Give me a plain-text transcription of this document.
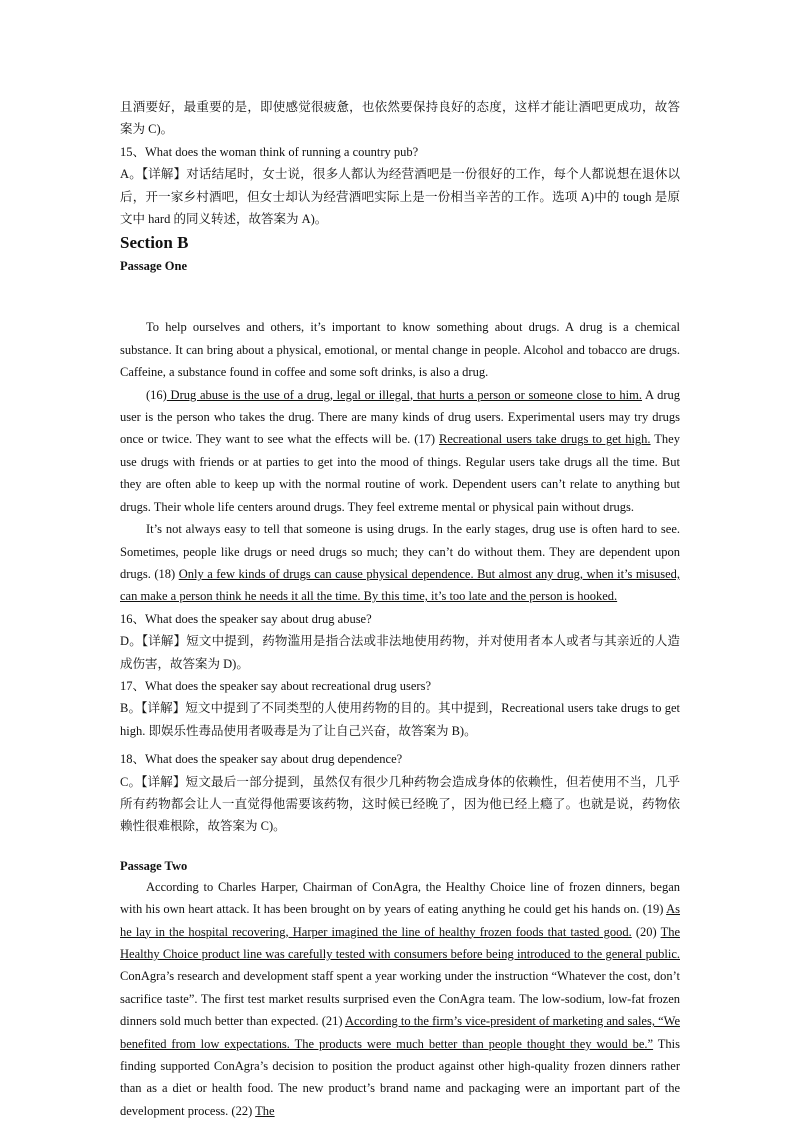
且酒要好，最重要的是，即使感觉很疲惫，也依然要保持良好的态度，这样才能让酒吧更成功，故答案为 C)。

15、What does the woman think of running a country pub?

A。【详解】对话结尾时，女士说，很多人都认为经营酒吧是一份很好的工作，每个人都说想在退休以后，开一家乡村酒吧，但女士却认为经营酒吧实际上是一份相当辛苦的工作。选项 A)中的 tough 是原文中 hard 的同义转述，故答案为 A)。

Section B
Passage One

To help ourselves and others, it’s important to know something about drugs. A drug is a chemical substance. It can bring about a physical, emotional, or mental change in people. Alcohol and tobacco are drugs. Caffeine, a substance found in coffee and some soft drinks, is also a drug.

(16) Drug abuse is the use of a drug, legal or illegal, that hurts a person or someone close to him. A drug user is the person who takes the drug. There are many kinds of drug users. Experimental users may try drugs once or twice. They want to see what the effects will be. (17) Recreational users take drugs to get high. They use drugs with friends or at parties to get into the mood of things. Regular users take drugs all the time. But they are often able to keep up with the normal routine of work. Dependent users can’t relate to anything but drugs. Their whole life centers around drugs. They feel extreme mental or physical pain without drugs.

It’s not always easy to tell that someone is using drugs. In the early stages, drug use is often hard to see. Sometimes, people like drugs or need drugs so much; they can’t do without them. They are dependent upon drugs. (18) Only a few kinds of drugs can cause physical dependence. But almost any drug, when it’s misused, can make a person think he needs it all the time. By this time, it’s too late and the person is hooked.

16、What does the speaker say about drug abuse?

D。【详解】短文中提到，药物滥用是指合法或非法地使用药物，并对使用者本人或者与其亲近的人造成伤害，故答案为 D)。

17、What does the speaker say about recreational drug users?

B。【详解】短文中提到了不同类型的人使用药物的目的。其中提到，Recreational users take drugs to get high. 即娱乐性毒品使用者吸毒是为了让自己兴奋，故答案为 B)。

18、What does the speaker say about drug dependence?

C。【详解】短文最后一部分提到，虽然仅有很少几种药物会造成身体的依赖性，但若使用不当，几乎所有药物都会让人一直觉得他需要该药物，这时候已经晚了，因为他已经上瘾了。也就是说，药物依赖性很难根除，故答案为 C)。

Passage Two

According to Charles Harper, Chairman of ConAgra, the Healthy Choice line of frozen dinners, began with his own heart attack. It has been brought on by years of eating anything he could get his hands on. (19) As he lay in the hospital recovering, Harper imagined the line of healthy frozen foods that tasted good. (20) The Healthy Choice product line was carefully tested with consumers before being introduced to the general public. ConAgra’s research and development staff spent a year working under the instruction “Whatever the cost, don’t sacrifice taste”. The first test market results surprised even the ConAgra team. The low-sodium, low-fat frozen dinners sold much better than expected. (21) According to the firm’s vice-president of marketing and sales, “We benefited from low expectations. The products were much better than people thought they would be.” This finding supported ConAgra’s decision to position the product against other high-quality frozen dinners rather than as a diet or health food. The new product’s brand name and packaging were an important part of the development process. (22) The
